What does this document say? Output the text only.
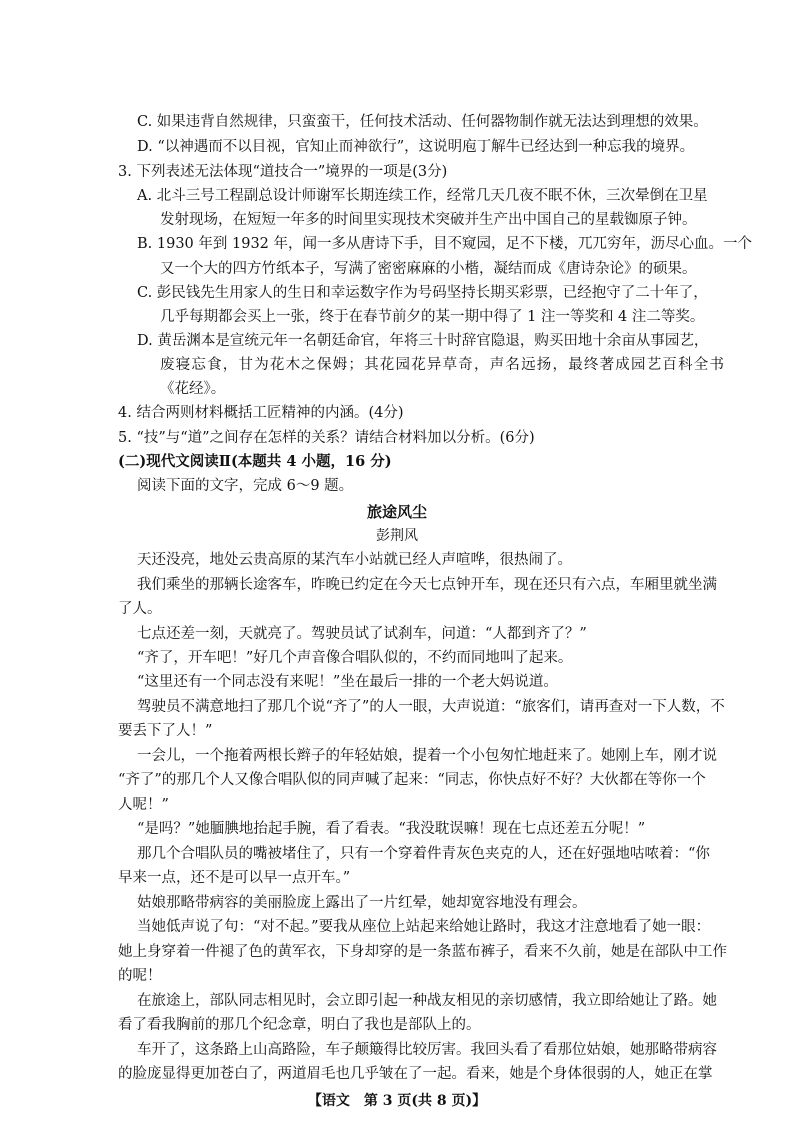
C. 如果违背自然规律，只蛮蛮干，任何技术活动、任何器物制作就无法达到理想的效果。
D. “以神遇而不以目视，官知止而神欲行”，这说明庖丁解牛已经达到一种忘我的境界。
3. 下列表述无法体现“道技合一”境界的一项是(3分)
A. 北斗三号工程副总设计师谢军长期连续工作，经常几天几夜不眠不休，三次晕倒在卫星
发射现场，在短短一年多的时间里实现技术突破并生产出中国自己的星载铷原子钟。
B. 1930 年到 1932 年，闻一多从唐诗下手，目不窥园，足不下楼，兀兀穷年，沥尽心血。一个
又一个大的四方竹纸本子，写满了密密麻麻的小楷，凝结而成《唐诗杂论》的硕果。
C. 彭民钱先生用家人的生日和幸运数字作为号码坚持长期买彩票，已经抱守了二十年了，
几乎每期都会买上一张，终于在春节前夕的某一期中得了 1 注一等奖和 4 注二等奖。
D. 黄岳渊本是宣统元年一名朝廷命官，年将三十时辞官隐退，购买田地十余亩从事园艺，
废寝忘食，甘为花木之保姆；其花园花异草奇，声名远扬，最终著成园艺百科全书
《花经》。
4. 结合两则材料概括工匠精神的内涵。(4分)
5. “技”与“道”之间存在怎样的关系？请结合材料加以分析。(6分)
(二)现代文阅读Ⅱ(本题共 4 小题，16 分)
阅读下面的文字，完成 6～9 题。
旅途风尘
彭荆风
天还没亮，地处云贵高原的某汽车小站就已经人声喧哗，很热闹了。
我们乘坐的那辆长途客车，昨晚已约定在今天七点钟开车，现在还只有六点，车厢里就坐满
了人。
七点还差一刻，天就亮了。驾驶员试了试刹车，问道：“人都到齐了？”
“齐了，开车吧！”好几个声音像合唱队似的，不约而同地叫了起来。
“这里还有一个同志没有来呢！”坐在最后一排的一个老大妈说道。
驾驶员不满意地扫了那几个说“齐了”的人一眼，大声说道：“旅客们，请再查对一下人数，不
要丢下了人！”
一会儿，一个拖着两根长辫子的年轻姑娘，提着一个小包匆忙地赶来了。她刚上车，刚才说
“齐了”的那几个人又像合唱队似的同声喊了起来：“同志，你快点好不好？大伙都在等你一个
人呢！”
“是吗？”她腼腆地抬起手腕，看了看表。“我没耽误嘛！现在七点还差五分呢！”
那几个合唱队员的嘴被堵住了，只有一个穿着件青灰色夹克的人，还在好强地咕哝着：“你
早来一点，还不是可以早一点开车。”
姑娘那略带病容的美丽脸庞上露出了一片红晕，她却宽容地没有理会。
当她低声说了句：“对不起。”要我从座位上站起来给她让路时，我这才注意地看了她一眼：
她上身穿着一件褪了色的黄军衣，下身却穿的是一条蓝布裤子，看来不久前，她是在部队中工作
的呢！
在旅途上，部队同志相见时，会立即引起一种战友相见的亲切感情，我立即给她让了路。她
看了看我胸前的那几个纪念章，明白了我也是部队上的。
车开了，这条路上山高路险，车子颠簸得比较厉害。我回头看了看那位姑娘，她那略带病容
的脸庞显得更加苍白了，两道眉毛也几乎皱在了一起。看来，她是个身体很弱的人，她正在掌
【语文　第 3 页(共 8 页)】
